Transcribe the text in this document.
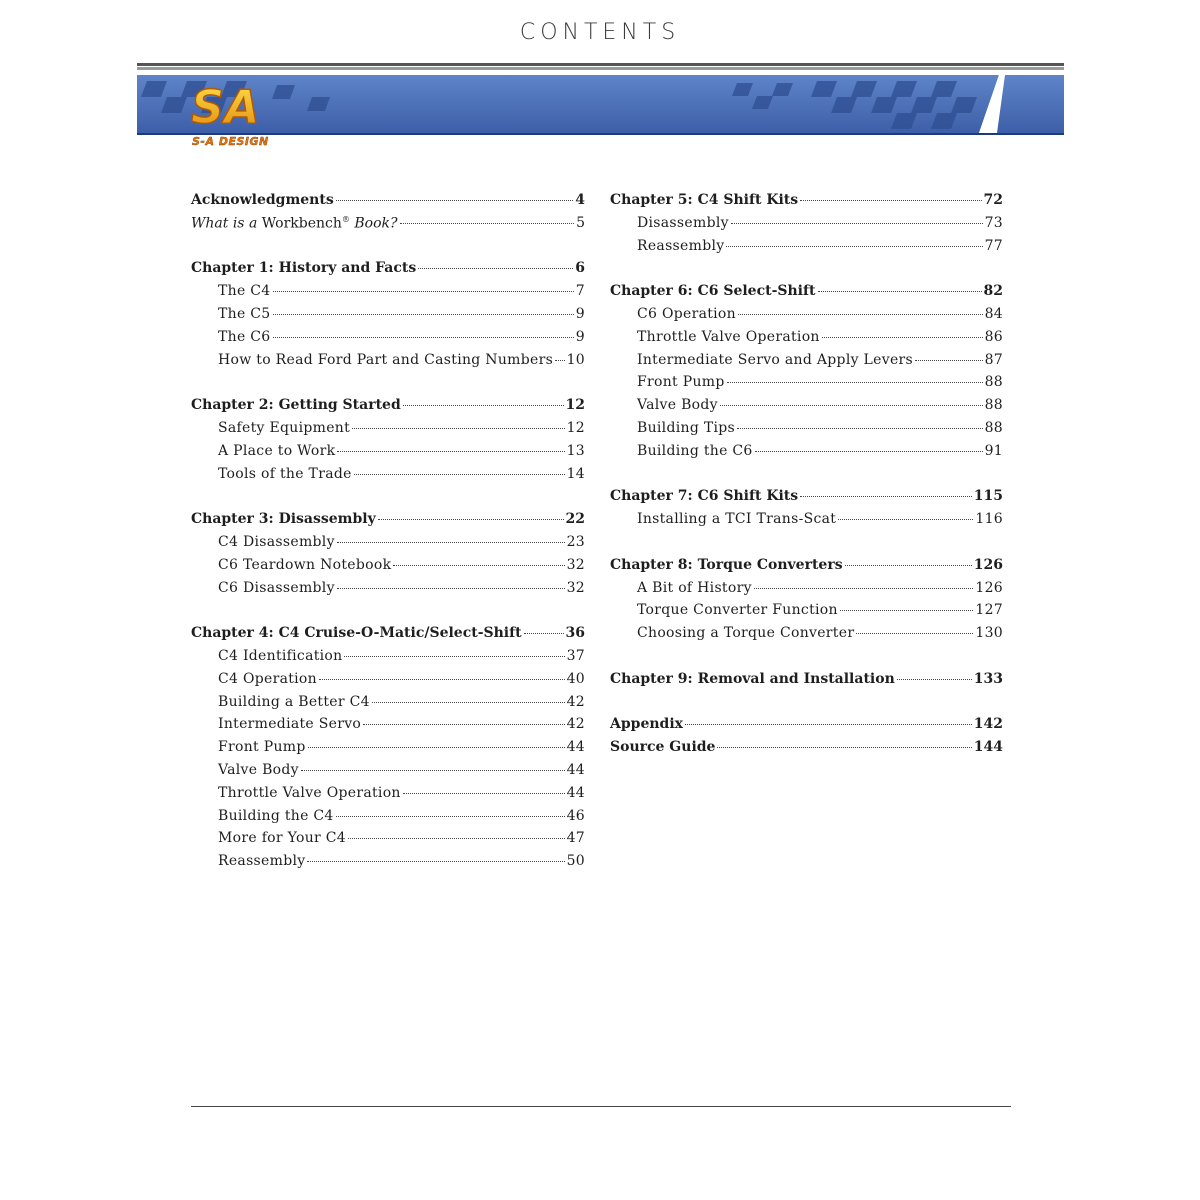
CONTENTS
SA
S-A DESIGN
Acknowledgments	4
What is a Workbench® Book?	5
Chapter 1: History and Facts	6
The C4	7
The C5	9
The C6	9
How to Read Ford Part and Casting Numbers 10
Chapter 2: Getting Started	12
Safety Equipment	12
A Place to Work	13
Tools of the Trade	14
Chapter 3: Disassembly	22
C4 Disassembly	23
C6 Teardown Notebook	32
C6 Disassembly	32
Chapter 4: C4 Cruise-O-Matic/Select-Shift	36
C4 Identification	37
C4 Operation	40
Building a Better C4	42
Intermediate Servo	42
Front Pump	44
Valve Body	44
Throttle Valve Operation	44
Building the C4	46
More for Your C4	47
Reassembly	50
Chapter 5: C4 Shift Kits	72
Disassembly	73
Reassembly	77
Chapter 6: C6 Select-Shift	82
C6 Operation	84
Throttle Valve Operation	86
Intermediate Servo and Apply Levers	87
Front Pump	88
Valve Body	88
Building Tips	88
Building the C6	91
Chapter 7: C6 Shift Kits	115
Installing a TCI Trans-Scat	116
Chapter 8: Torque Converters	126
A Bit of History	126
Torque Converter Function	127
Choosing a Torque Converter	130
Chapter 9: Removal and Installation	133
Appendix	142
Source Guide	144
